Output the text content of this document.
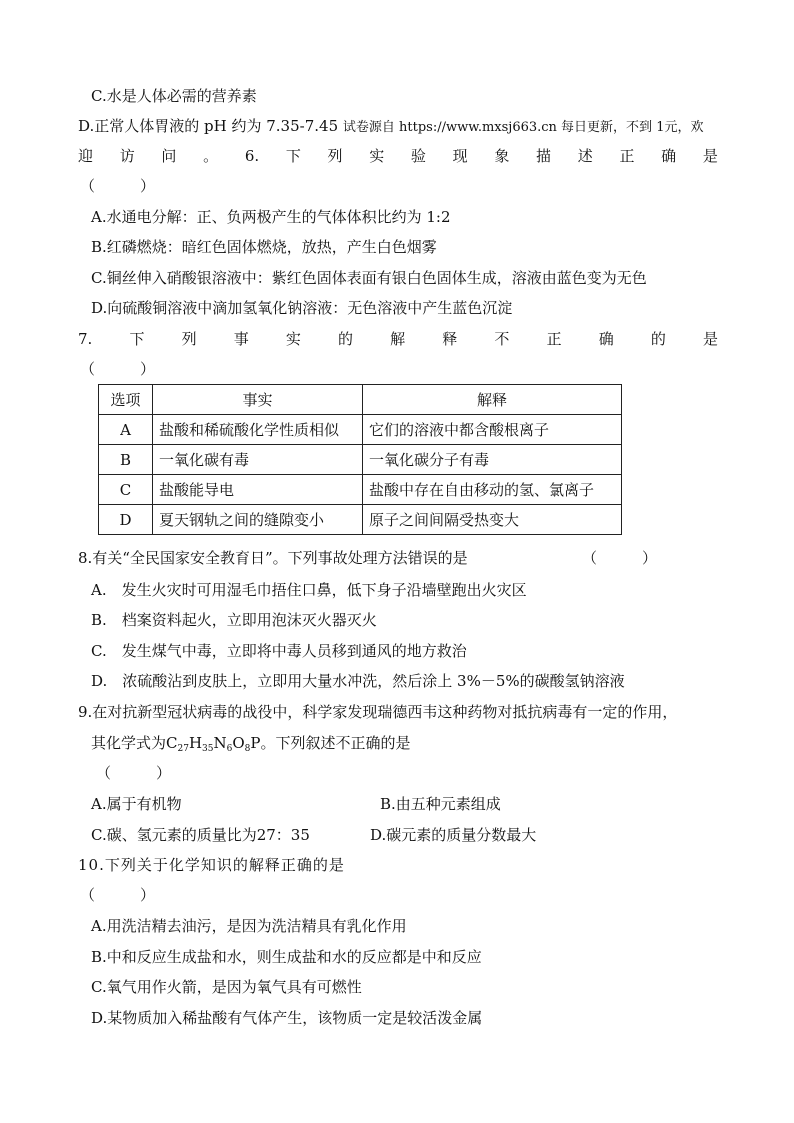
C.水是人体必需的营养素
D.正常人体胃液的 pH 约为 7.35-7.45 试卷源自 https://www.mxsj663.cn 每日更新，不到 1元，欢
迎 访 问 。 6. 下 列 实 验 现 象 描 述 正 确 是
（　　　）
A.水通电分解：正、负两极产生的气体体积比约为 1:2
B.红磷燃烧：暗红色固体燃烧，放热，产生白色烟雾
C.铜丝伸入硝酸银溶液中：紫红色固体表面有银白色固体生成，溶液由蓝色变为无色
D.向硫酸铜溶液中滴加氢氧化钠溶液：无色溶液中产生蓝色沉淀
7. 下 列 事 实 的 解 释 不 正 确 的 是
（　　　）
选项	事实	解释
A	盐酸和稀硫酸化学性质相似	它们的溶液中都含酸根离子
B	一氧化碳有毒	一氧化碳分子有毒
C	盐酸能导电	盐酸中存在自由移动的氢、氯离子
D	夏天钢轨之间的缝隙变小	原子之间间隔受热变大
8.有关“全民国家安全教育日”。下列事故处理方法错误的是	（　　　）
A.　发生火灾时可用湿毛巾捂住口鼻，低下身子沿墙壁跑出火灾区
B.　档案资料起火，立即用泡沫灭火器灭火
C.　发生煤气中毒，立即将中毒人员移到通风的地方救治
D.　浓硫酸沾到皮肤上，立即用大量水冲洗，然后涂上 3%－5%的碳酸氢钠溶液
9.在对抗新型冠状病毒的战役中，科学家发现瑞德西韦这种药物对抵抗病毒有一定的作用，
其化学式为$C_{27}H_{35}N_6O_8P$。下列叙述不正确的是
（　　　）
A.属于有机物	B.由五种元素组成
C.碳、氢元素的质量比为27：35	D.碳元素的质量分数最大
10.下列关于化学知识的解释正确的是
（　　　）
A.用洗洁精去油污，是因为洗洁精具有乳化作用
B.中和反应生成盐和水，则生成盐和水的反应都是中和反应
C.氧气用作火箭，是因为氧气具有可燃性
D.某物质加入稀盐酸有气体产生，该物质一定是较活泼金属
